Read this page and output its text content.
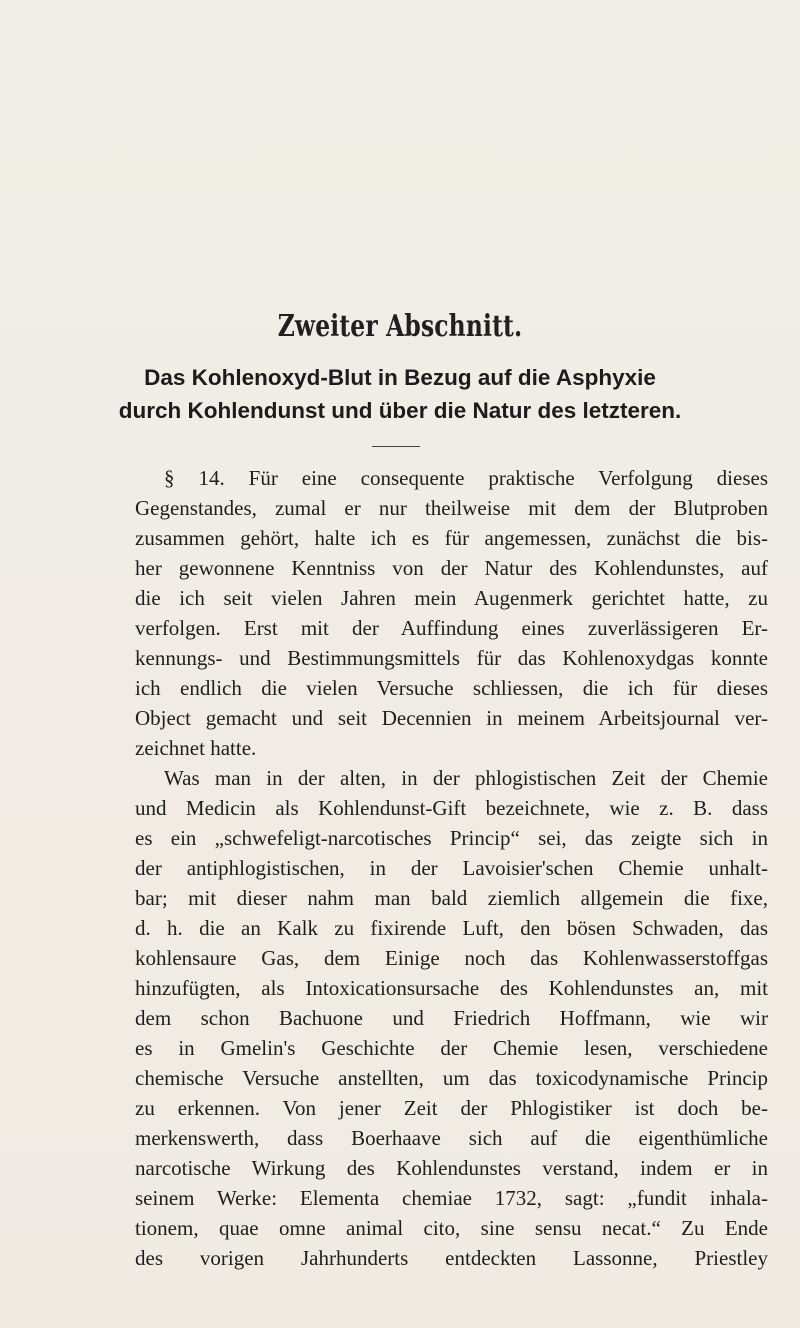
Zweiter Abschnitt.
Das Kohlenoxyd-Blut in Bezug auf die Asphyxie
durch Kohlendunst und über die Natur des letzteren.
§ 14. Für eine consequente praktische Verfolgung dieses
Gegenstandes, zumal er nur theilweise mit dem der Blutproben
zusammen gehört, halte ich es für angemessen, zunächst die bis-
her gewonnene Kenntniss von der Natur des Kohlendunstes, auf
die ich seit vielen Jahren mein Augenmerk gerichtet hatte, zu
verfolgen. Erst mit der Auffindung eines zuverlässigeren Er-
kennungs- und Bestimmungsmittels für das Kohlenoxydgas konnte
ich endlich die vielen Versuche schliessen, die ich für dieses
Object gemacht und seit Decennien in meinem Arbeitsjournal ver-
zeichnet hatte.
Was man in der alten, in der phlogistischen Zeit der Chemie
und Medicin als Kohlendunst-Gift bezeichnete, wie z. B. dass
es ein „schwefeligt-narcotisches Princip“ sei, das zeigte sich in
der antiphlogistischen, in der Lavoisier'schen Chemie unhalt-
bar; mit dieser nahm man bald ziemlich allgemein die fixe,
d. h. die an Kalk zu fixirende Luft, den bösen Schwaden, das
kohlensaure Gas, dem Einige noch das Kohlenwasserstoffgas
hinzufügten, als Intoxicationsursache des Kohlendunstes an, mit
dem schon Bachuone und Friedrich Hoffmann, wie wir
es in Gmelin's Geschichte der Chemie lesen, verschiedene
chemische Versuche anstellten, um das toxicodynamische Princip
zu erkennen. Von jener Zeit der Phlogistiker ist doch be-
merkenswerth, dass Boerhaave sich auf die eigenthümliche
narcotische Wirkung des Kohlendunstes verstand, indem er in
seinem Werke: Elementa chemiae 1732, sagt: „fundit inhala-
tionem, quae omne animal cito, sine sensu necat.“ Zu Ende
des vorigen Jahrhunderts entdeckten Lassonne, Priestley
